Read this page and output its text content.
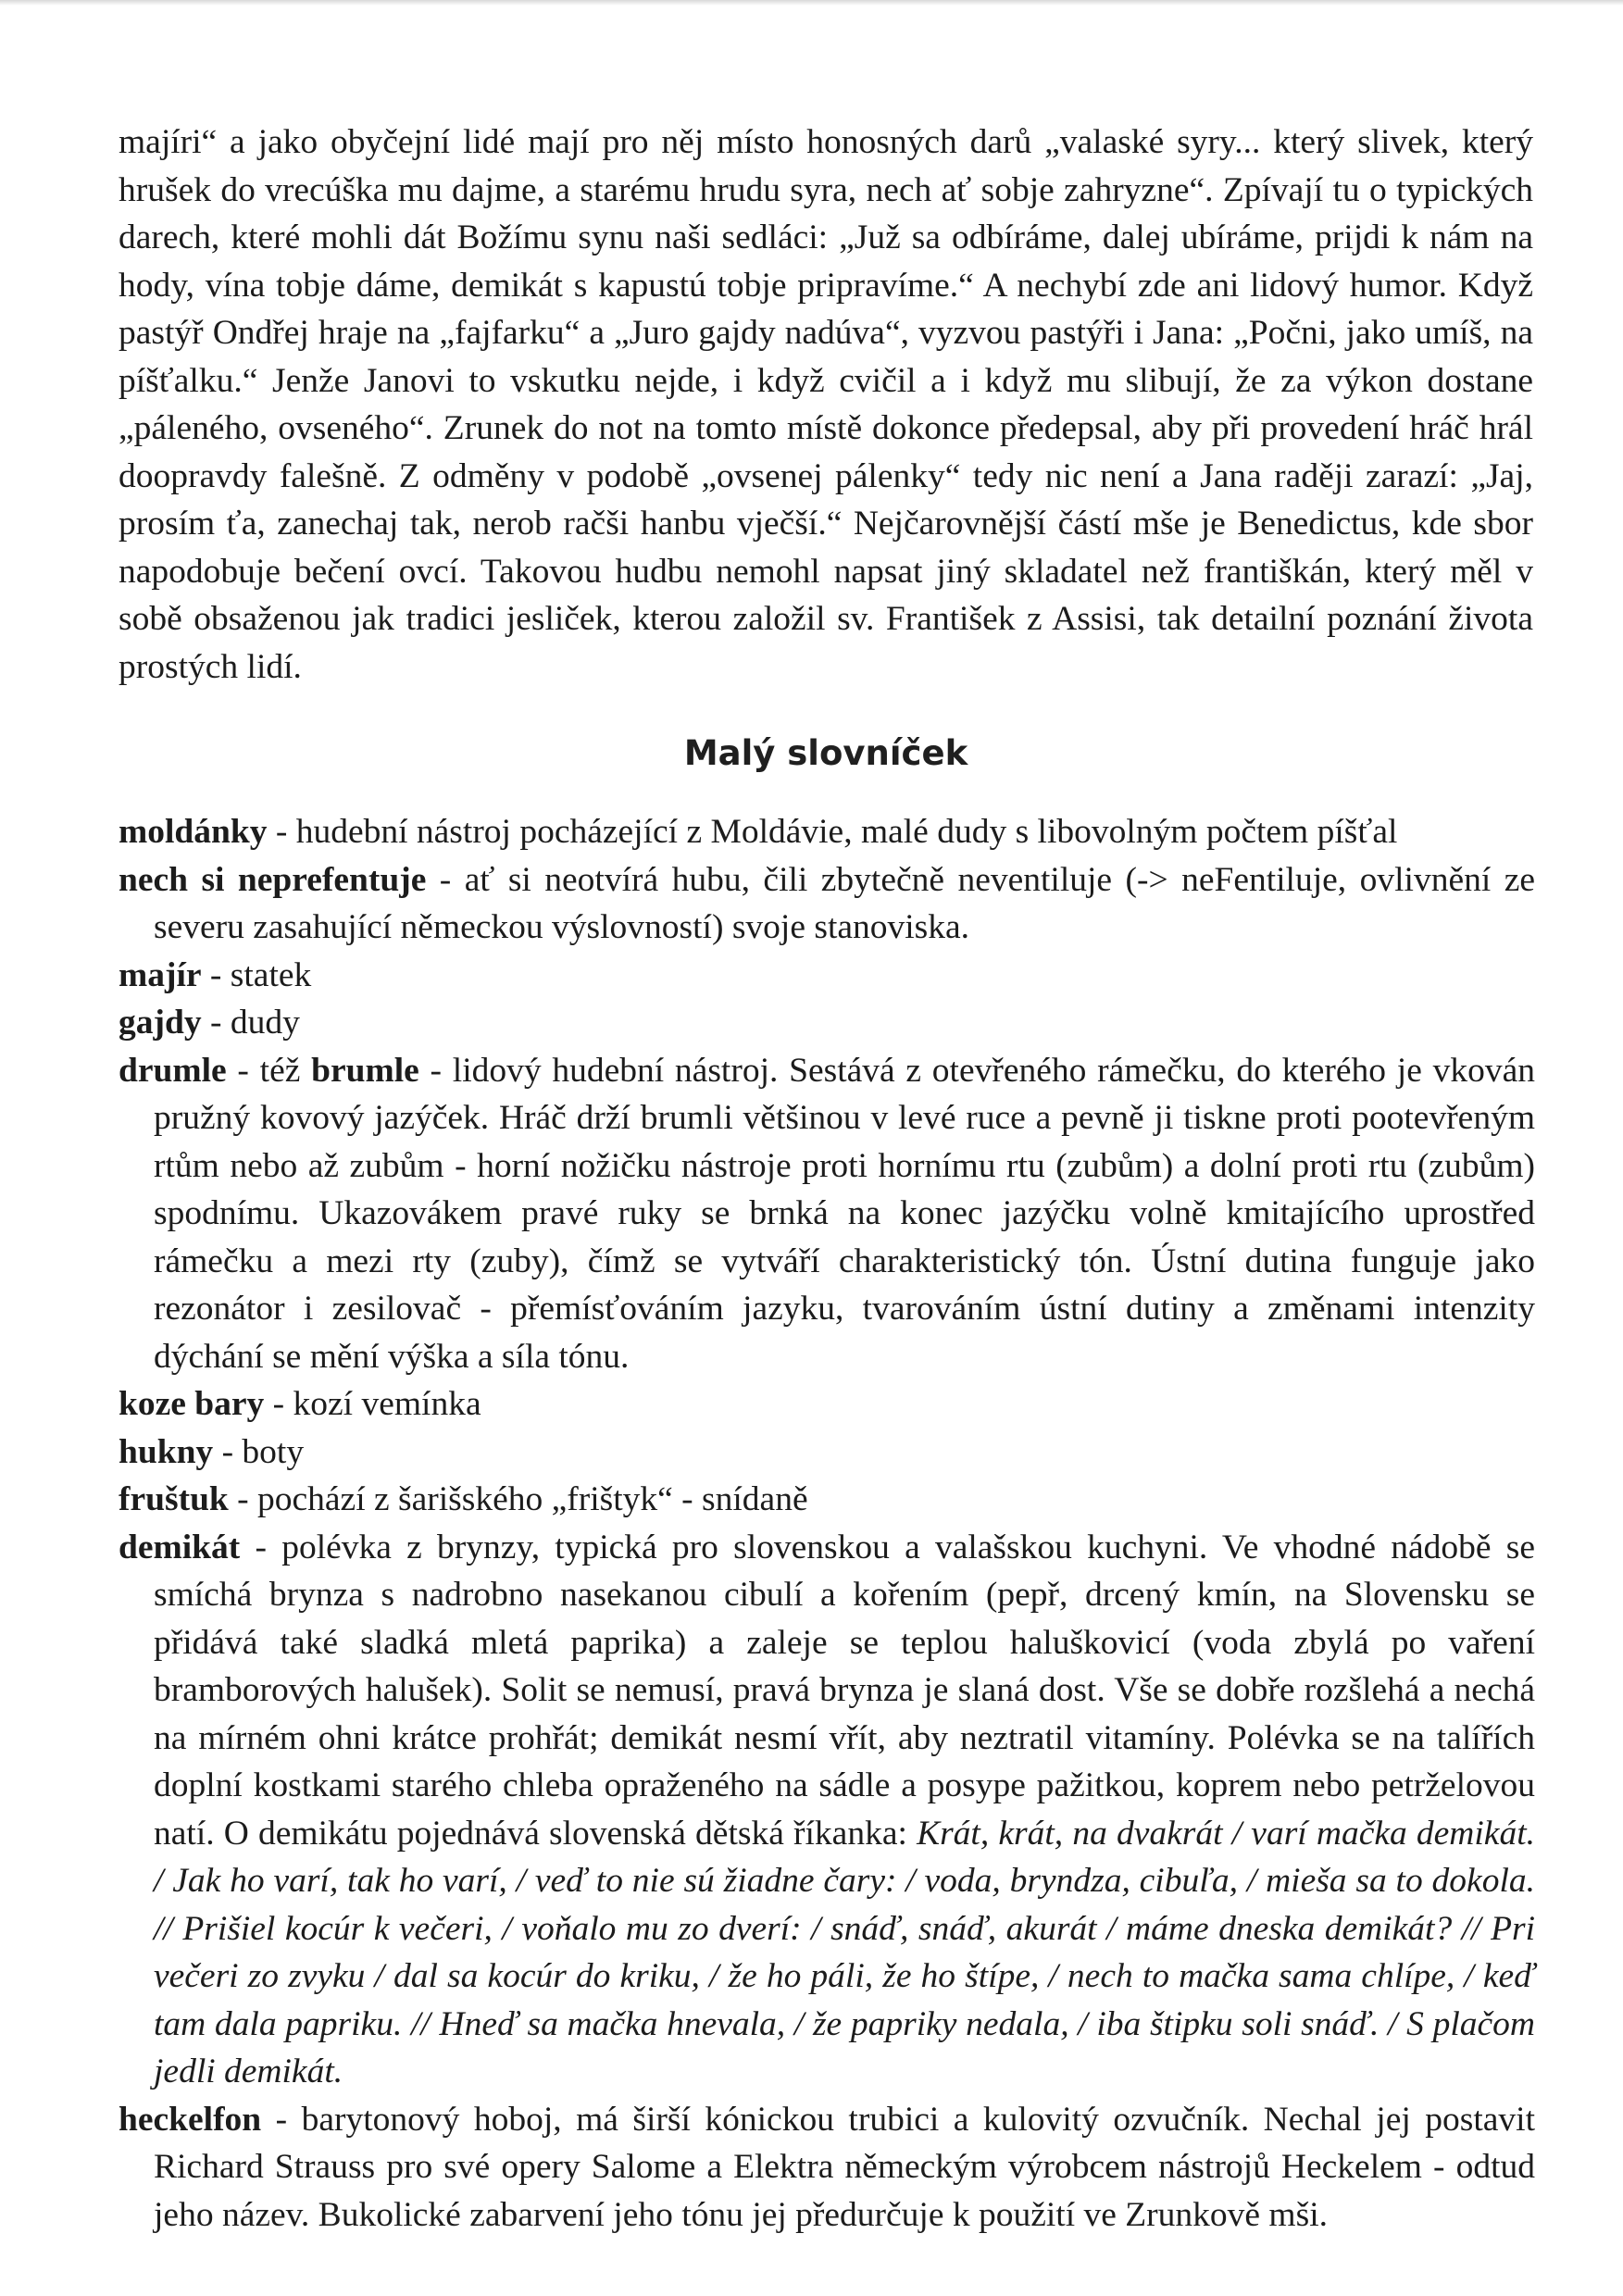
majíri“ a jako obyčejní lidé mají pro něj místo honosných darů „valaské syry... který slivek, který hrušek do vrecúška mu dajme, a starému hrudu syra, nech ať sobje zahryzne“. Zpívají tu o typických darech, které mohli dát Božímu synu naši sedláci: „Juž sa odbíráme, dalej ubíráme, prijdi k nám na hody, vína tobje dáme, demikát s kapustú tobje pripravíme.“ A nechybí zde ani lidový humor. Když pastýř Ondřej hraje na „fajfarku“ a „Juro gajdy nadúva“, vyzvou pastýři i Jana: „Počni, jako umíš, na píšťalku.“ Jenže Janovi to vskutku nejde, i když cvičil a i když mu slibují, že za výkon dostane „páleného, ovseného“. Zrunek do not na tomto místě dokonce předepsal, aby při provedení hráč hrál doopravdy falešně. Z odměny v podobě „ovsenej pálenky“ tedy nic není a Jana raději zarazí: „Jaj, prosím ťa, zanechaj tak, nerob račši hanbu vječší.“ Nejčarovnější částí mše je Benedictus, kde sbor napodobuje bečení ovcí. Takovou hudbu nemohl napsat jiný skladatel než františkán, který měl v sobě obsaženou jak tradici jesliček, kterou založil sv. František z Assisi, tak detailní poznání života prostých lidí.

Malý slovníček

moldánky - hudební nástroj pocházející z Moldávie, malé dudy s libovolným počtem píšťal

nech si neprefentuje - ať si neotvírá hubu, čili zbytečně neventiluje (-> neFentiluje, ovlivnění ze severu zasahující německou výslovností) svoje stanoviska.

majír - statek

gajdy - dudy

drumle - též brumle - lidový hudební nástroj. Sestává z otevřeného rámečku, do kterého je vkován pružný kovový jazýček. Hráč drží brumli většinou v levé ruce a pevně ji tiskne proti pootevřeným rtům nebo až zubům - horní nožičku nástroje proti hornímu rtu (zubům) a dolní proti rtu (zubům) spodnímu. Ukazovákem pravé ruky se brnká na konec jazýčku volně kmitajícího uprostřed rámečku a mezi rty (zuby), čímž se vytváří charakteristický tón. Ústní dutina funguje jako rezonátor i zesilovač - přemísťováním jazyku, tvarováním ústní dutiny a změnami intenzity dýchání se mění výška a síla tónu.

koze bary - kozí vemínka

hukny - boty

fruštuk - pochází z šarišského „frištyk“ - snídaně

demikát - polévka z brynzy, typická pro slovenskou a valašskou kuchyni. Ve vhodné nádobě se smíchá brynza s nadrobno nasekanou cibulí a kořením (pepř, drcený kmín, na Slovensku se přidává také sladká mletá paprika) a zaleje se teplou haluškovicí (voda zbylá po vaření bramborových halušek). Solit se nemusí, pravá brynza je slaná dost. Vše se dobře rozšlehá a nechá na mírném ohni krátce prohřát; demikát nesmí vřít, aby neztratil vitamíny. Polévka se na talířích doplní kostkami starého chleba opraženého na sádle a posype pažitkou, koprem nebo petrželovou natí. O demikátu pojednává slovenská dětská říkanka: Krát, krát, na dvakrát / varí mačka demikát. / Jak ho varí, tak ho varí, / veď to nie sú žiadne čary: / voda, bryndza, cibuľa, / mieša sa to dokola. // Prišiel kocúr k večeri, / voňalo mu zo dverí: / snáď, snáď, akurát / máme dneska demikát? // Pri večeri zo zvyku / dal sa kocúr do kriku, / že ho páli, že ho štípe, / nech to mačka sama chlípe, / keď tam dala papriku. // Hneď sa mačka hnevala, / že papriky nedala, / iba štipku soli snáď. / S plačom jedli demikát.

heckelfon - barytonový hoboj, má širší kónickou trubici a kulovitý ozvučník. Nechal jej postavit Richard Strauss pro své opery Salome a Elektra německým výrobcem nástrojů Heckelem - odtud jeho název. Bukolické zabarvení jeho tónu jej předurčuje k použití ve Zrunkově mši.
